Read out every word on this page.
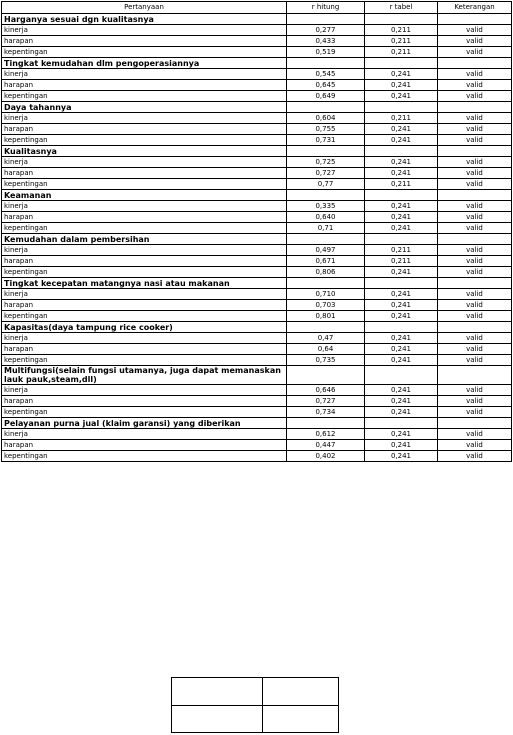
Pertanyaan	r hitung	r tabel	Keterangan
Harganya sesuai dgn kualitasnya			
kinerja	0,277	0,211	valid
harapan	0,433	0,211	valid
kepentingan	0,519	0,211	valid
Tingkat kemudahan dlm pengoperasiannya			
kinerja	0,545	0,241	valid
harapan	0,645	0,241	valid
kepentingan	0,649	0,241	valid
Daya tahannya			
kinerja	0,604	0,211	valid
harapan	0,755	0,241	valid
kepentingan	0,731	0,241	valid
Kualitasnya			
kinerja	0,725	0,241	valid
harapan	0,727	0,241	valid
kepentingan	0,77	0,211	valid
Keamanan			
kinerja	0,335	0,241	valid
harapan	0,640	0,241	valid
kepentingan	0,71	0,241	valid
Kemudahan dalam pembersihan			
kinerja	0,497	0,211	valid
harapan	0,671	0,211	valid
kepentingan	0,806	0,241	valid
Tingkat kecepatan matangnya nasi atau makanan			
kinerja	0,710	0,241	valid
harapan	0,703	0,241	valid
kepentingan	0,801	0,241	valid
Kapasitas(daya tampung rice cooker)			
kinerja	0,47	0,241	valid
harapan	0,64	0,241	valid
kepentingan	0,735	0,241	valid
Multifungsi(selain fungsi utamanya, juga dapat memanaskan lauk pauk,steam,dll)			
kinerja	0,646	0,241	valid
harapan	0,727	0,241	valid
kepentingan	0,734	0,241	valid
Pelayanan purna jual (klaim garansi) yang diberikan			
kinerja	0,612	0,241	valid
harapan	0,447	0,241	valid
kepentingan	0,402	0,241	valid
